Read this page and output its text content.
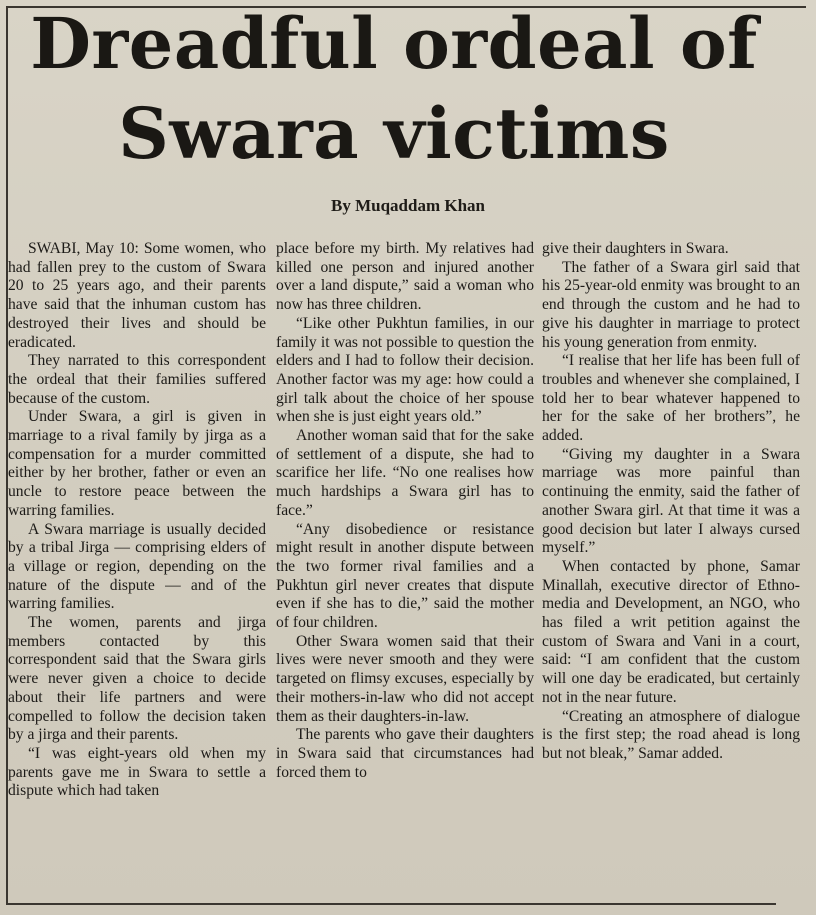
Dreadful ordeal of
Swara victims
By Muqaddam Khan

SWABI, May 10: Some women, who had fallen prey to the custom of Swara 20 to 25 years ago, and their parents have said that the inhuman custom has destroyed their lives and should be eradicated.

They narrated to this correspondent the ordeal that their families suffered because of the custom.

Under Swara, a girl is given in marriage to a rival family by jirga as a compensation for a murder committed either by her brother, father or even an uncle to restore peace between the warring families.

A Swara marriage is usually decided by a tribal Jirga — comprising elders of a village or region, depending on the nature of the dispute — and of the warring families.

The women, parents and jirga members contacted by this correspondent said that the Swara girls were never given a choice to decide about their life partners and were compelled to follow the decision taken by a jirga and their parents.

“I was eight-years old when my parents gave me in Swara to settle a dispute which had taken

place before my birth. My relatives had killed one person and injured another over a land dispute,” said a woman who now has three children.

“Like other Pukhtun families, in our family it was not possible to question the elders and I had to follow their decision. Another factor was my age: how could a girl talk about the choice of her spouse when she is just eight years old.”

Another woman said that for the sake of settlement of a dispute, she had to scarifice her life. “No one realises how much hardships a Swara girl has to face.”

“Any disobedience or resistance might result in another dispute between the two former rival families and a Pukhtun girl never creates that dispute even if she has to die,” said the mother of four children.

Other Swara women said that their lives were never smooth and they were targeted on flimsy excuses, especially by their mothers-in-law who did not accept them as their daughters-in-law.

The parents who gave their daughters in Swara said that circumstances had forced them to

give their daughters in Swara.

The father of a Swara girl said that his 25-year-old enmity was brought to an end through the custom and he had to give his daughter in marriage to protect his young generation from enmity.

“I realise that her life has been full of troubles and whenever she complained, I told her to bear whatever happened to her for the sake of her brothers”, he added.

“Giving my daughter in a Swara marriage was more painful than continuing the enmity, said the father of another Swara girl. At that time it was a good decision but later I always cursed myself.”

When contacted by phone, Samar Minallah, executive director of Ethno-media and Development, an NGO, who has filed a writ petition against the custom of Swara and Vani in a court, said: “I am confident that the custom will one day be eradicated, but certainly not in the near future.

“Creating an atmosphere of dialogue is the first step; the road ahead is long but not bleak,” Samar added.
